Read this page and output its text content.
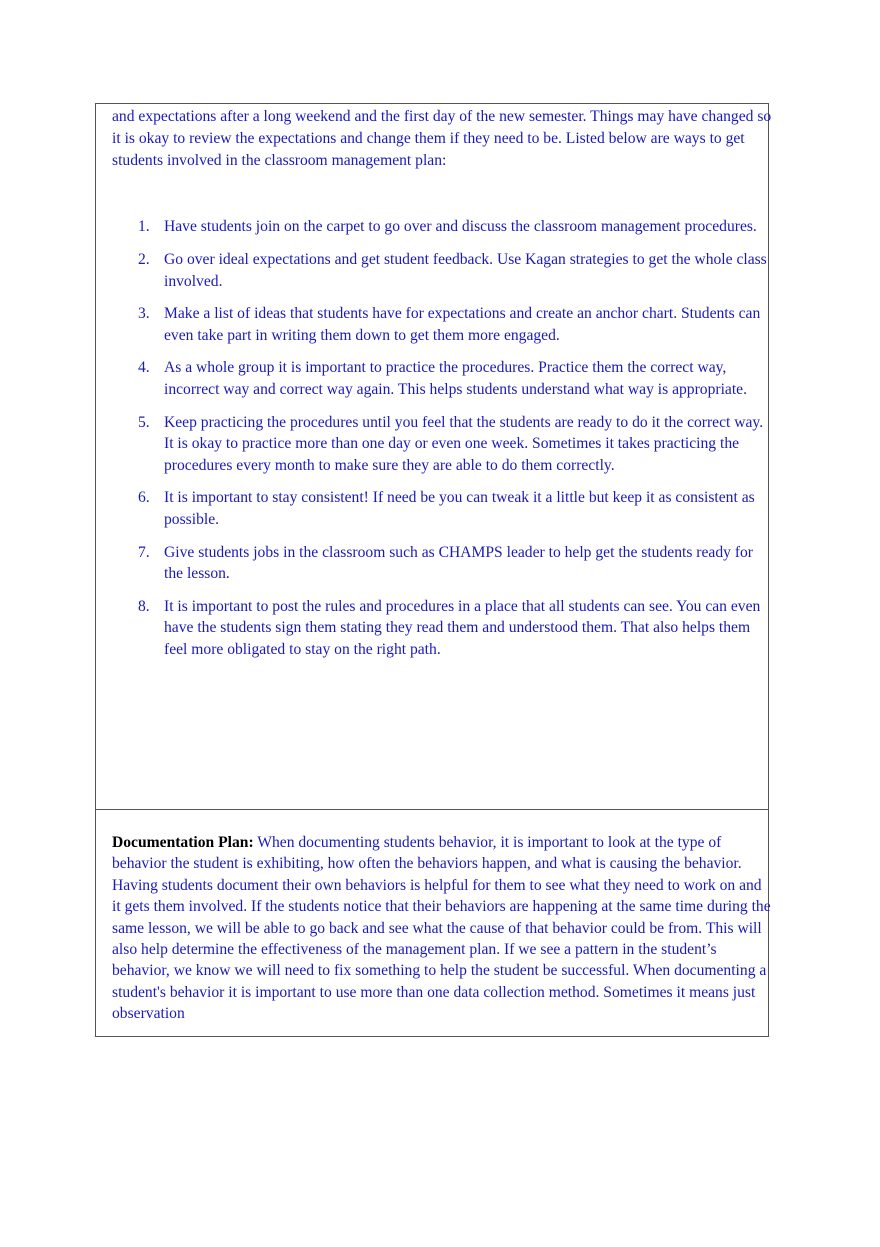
and expectations after a long weekend and the first day of the new semester. Things may have changed so it is okay to review the expectations and change them if they need to be. Listed below are ways to get students involved in the classroom management plan:

1. Have students join on the carpet to go over and discuss the classroom management procedures.
2. Go over ideal expectations and get student feedback. Use Kagan strategies to get the whole class involved.
3. Make a list of ideas that students have for expectations and create an anchor chart. Students can even take part in writing them down to get them more engaged.
4. As a whole group it is important to practice the procedures. Practice them the correct way, incorrect way and correct way again. This helps students understand what way is appropriate.
5. Keep practicing the procedures until you feel that the students are ready to do it the correct way. It is okay to practice more than one day or even one week. Sometimes it takes practicing the procedures every month to make sure they are able to do them correctly.
6. It is important to stay consistent! If need be you can tweak it a little but keep it as consistent as possible.
7. Give students jobs in the classroom such as CHAMPS leader to help get the students ready for the lesson.
8. It is important to post the rules and procedures in a place that all students can see. You can even have the students sign them stating they read them and understood them. That also helps them feel more obligated to stay on the right path.

Documentation Plan: When documenting students behavior, it is important to look at the type of behavior the student is exhibiting, how often the behaviors happen, and what is causing the behavior. Having students document their own behaviors is helpful for them to see what they need to work on and it gets them involved. If the students notice that their behaviors are happening at the same time during the same lesson, we will be able to go back and see what the cause of that behavior could be from. This will also help determine the effectiveness of the management plan. If we see a pattern in the student’s behavior, we know we will need to fix something to help the student be successful. When documenting a student's behavior it is important to use more than one data collection method. Sometimes it means just observation
